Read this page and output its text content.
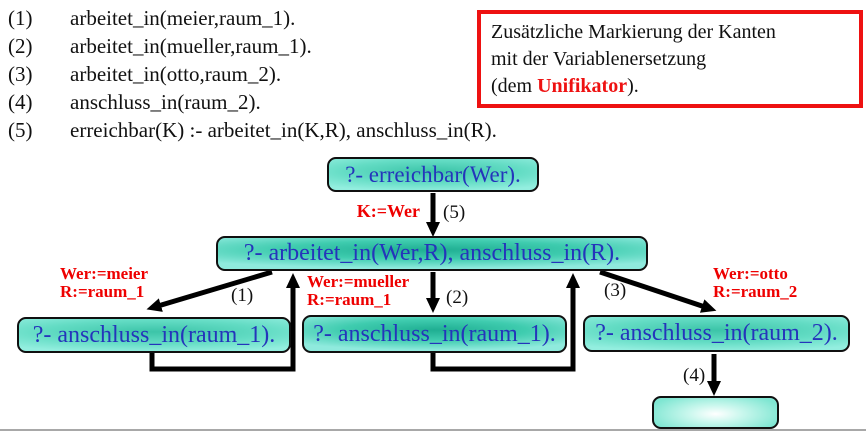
(1)	arbeitet_in(meier,raum_1).
(2)	arbeitet_in(mueller,raum_1).
(3)	arbeitet_in(otto,raum_2).
(4)	anschluss_in(raum_2).
(5)	erreichbar(K) :- arbeitet_in(K,R), anschluss_in(R).
Zusätzliche Markierung der Kanten
mit der Variablenersetzung
(dem Unifikator).
?- erreichbar(Wer).
?- arbeitet_in(Wer,R), anschluss_in(R).
?- anschluss_in(raum_1).	?- anschluss_in(raum_1).	?- anschluss_in(raum_2).
K:=Wer (5)
Wer:=meier
R:=raum_1	(1)
Wer:=mueller
R:=raum_1	(2)	(3)
Wer:=otto
R:=raum_2
(4)
